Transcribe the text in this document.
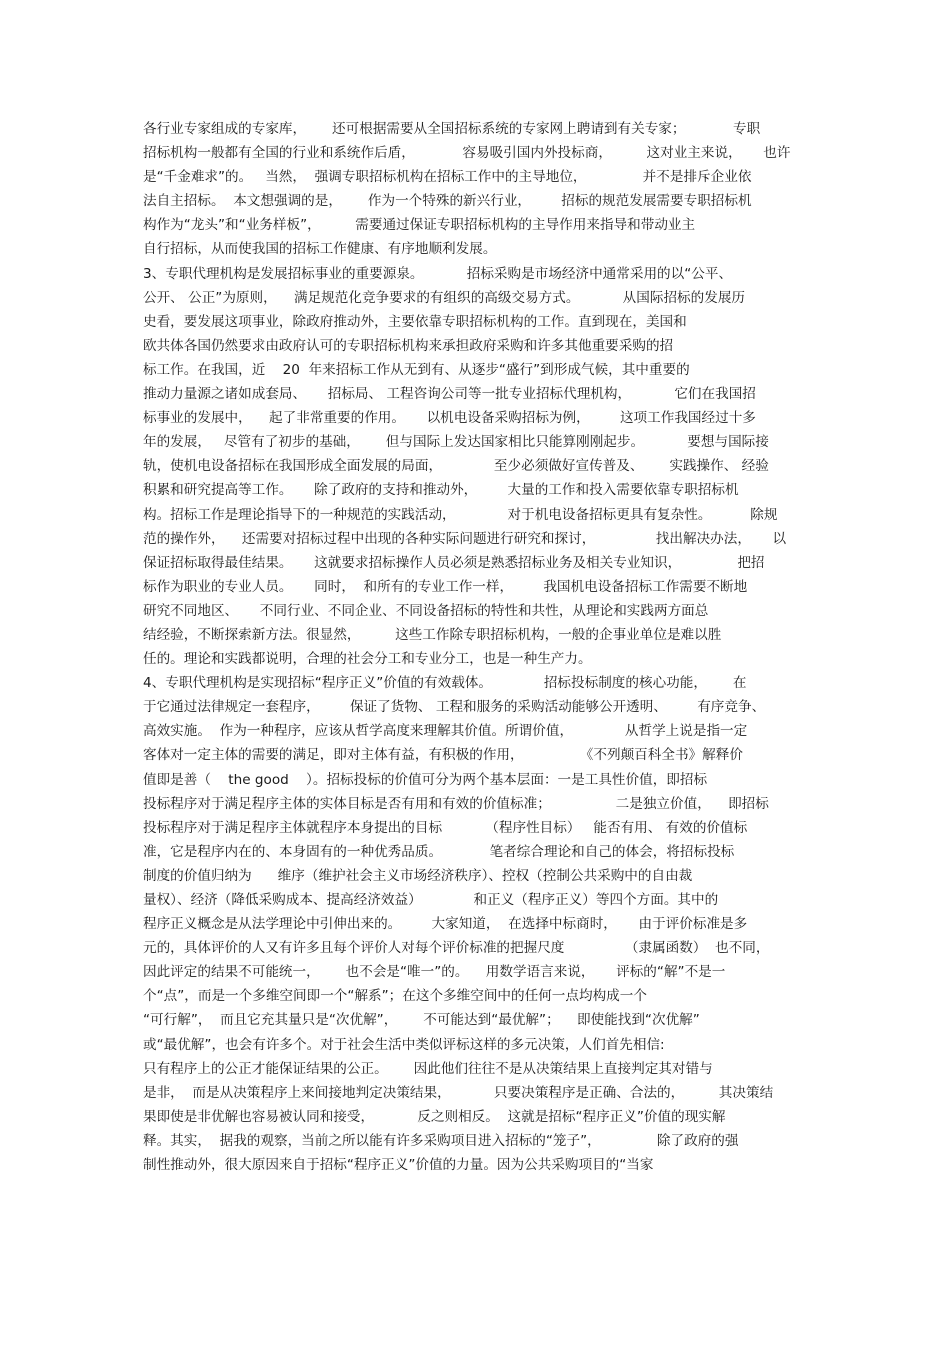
各行业专家组成的专家库，      还可根据需要从全国招标系统的专家网上聘请到有关专家；           专职
招标机构一般都有全国的行业和系统作后盾，           容易吸引国内外投标商，        这对业主来说，     也许
是“千金难求”的。   当然，  强调专职招标机构在招标工作中的主导地位，             并不是排斥企业依
法自主招标。  本文想强调的是，      作为一个特殊的新兴行业，       招标的规范发展需要专职招标机
构作为“龙头”和“业务样板”，        需要通过保证专职招标机构的主导作用来指导和带动业主
自行招标，从而使我国的招标工作健康、有序地顺利发展。
3、专职代理机构是发展招标事业的重要源泉。          招标采购是市场经济中通常采用的以“公平、
公开、 公正”为原则，    满足规范化竞争要求的有组织的高级交易方式。          从国际招标的发展历
史看，要发展这项事业，除政府推动外，主要依靠专职招标机构的工作。直到现在，美国和
欧共体各国仍然要求由政府认可的专职招标机构来承担政府采购和许多其他重要采购的招
标工作。在我国，近    20  年来招标工作从无到有、从逐步“盛行”到形成气候，其中重要的
推动力量源之诸如成套局、     招标局、 工程咨询公司等一批专业招标代理机构，          它们在我国招
标事业的发展中，    起了非常重要的作用。     以机电设备采购招标为例，       这项工作我国经过十多
年的发展，   尽管有了初步的基础，      但与国际上发达国家相比只能算刚刚起步。          要想与国际接
轨，使机电设备招标在我国形成全面发展的局面，            至少必须做好宣传普及、      实践操作、 经验
积累和研究提高等工作。     除了政府的支持和推动外，       大量的工作和投入需要依靠专职招标机
构。招标工作是理论指导下的一种规范的实践活动，            对于机电设备招标更具有复杂性。         除规
范的操作外，    还需要对招标过程中出现的各种实际问题进行研究和探讨，              找出解决办法，     以
保证招标取得最佳结果。     这就要求招标操作人员必须是熟悉招标业务及相关专业知识，             把招
标作为职业的专业人员。     同时，  和所有的专业工作一样，       我国机电设备招标工作需要不断地
研究不同地区、     不同行业、不同企业、不同设备招标的特性和共性，从理论和实践两方面总
结经验，不断探索新方法。很显然，        这些工作除专职招标机构，一般的企事业单位是难以胜
任的。理论和实践都说明，合理的社会分工和专业分工，也是一种生产力。
4、专职代理机构是实现招标“程序正义”价值的有效载体。            招标投标制度的核心功能，      在
于它通过法律规定一套程序，       保证了货物、 工程和服务的采购活动能够公开透明、       有序竞争、
高效实施。  作为一种程序，应该从哲学高度来理解其价值。所谓价值，            从哲学上说是指一定
客体对一定主体的需要的满足，即对主体有益，有积极的作用，             《不列颠百科全书》解释价
值即是善（    the good    ）。招标投标的价值可分为两个基本层面：一是工具性价值，即招标
投标程序对于满足程序主体的实体目标是否有用和有效的价值标准；               二是独立价值，    即招标
投标程序对于满足程序主体就程序本身提出的目标          （程序性目标）   能否有用、 有效的价值标
准，它是程序内在的、本身固有的一种优秀品质。           笔者综合理论和自己的体会，将招标投标
制度的价值归纳为      维序（维护社会主义市场经济秩序）、控权（控制公共采购中的自由裁
量权）、经济（降低采购成本、提高经济效益）            和正义（程序正义）等四个方面。其中的
程序正义概念是从法学理论中引伸出来的。       大家知道，  在选择中标商时，     由于评价标准是多
元的，具体评价的人又有许多且每个评价人对每个评价标准的把握尺度              （隶属函数）  也不同，
因此评定的结果不可能统一，      也不会是“唯一”的。    用数学语言来说，     评标的“解”不是一
个“点”，而是一个多维空间即一个“解系”；在这个多维空间中的任何一点均构成一个
“可行解”，  而且它充其量只是“次优解”，      不可能达到“最优解”；    即使能找到“次优解”
或“最优解”，也会有许多个。对于社会生活中类似评标这样的多元决策，人们首先相信:
只有程序上的公正才能保证结果的公正。      因此他们往往不是从决策结果上直接判定其对错与
是非，  而是从决策程序上来间接地判定决策结果，          只要决策程序是正确、合法的，        其决策结
果即使是非优解也容易被认同和接受，          反之则相反。  这就是招标“程序正义”价值的现实解
释。其实，  据我的观察，当前之所以能有许多采购项目进入招标的“笼子”，             除了政府的强
制性推动外，很大原因来自于招标“程序正义”价值的力量。因为公共采购项目的“当家
